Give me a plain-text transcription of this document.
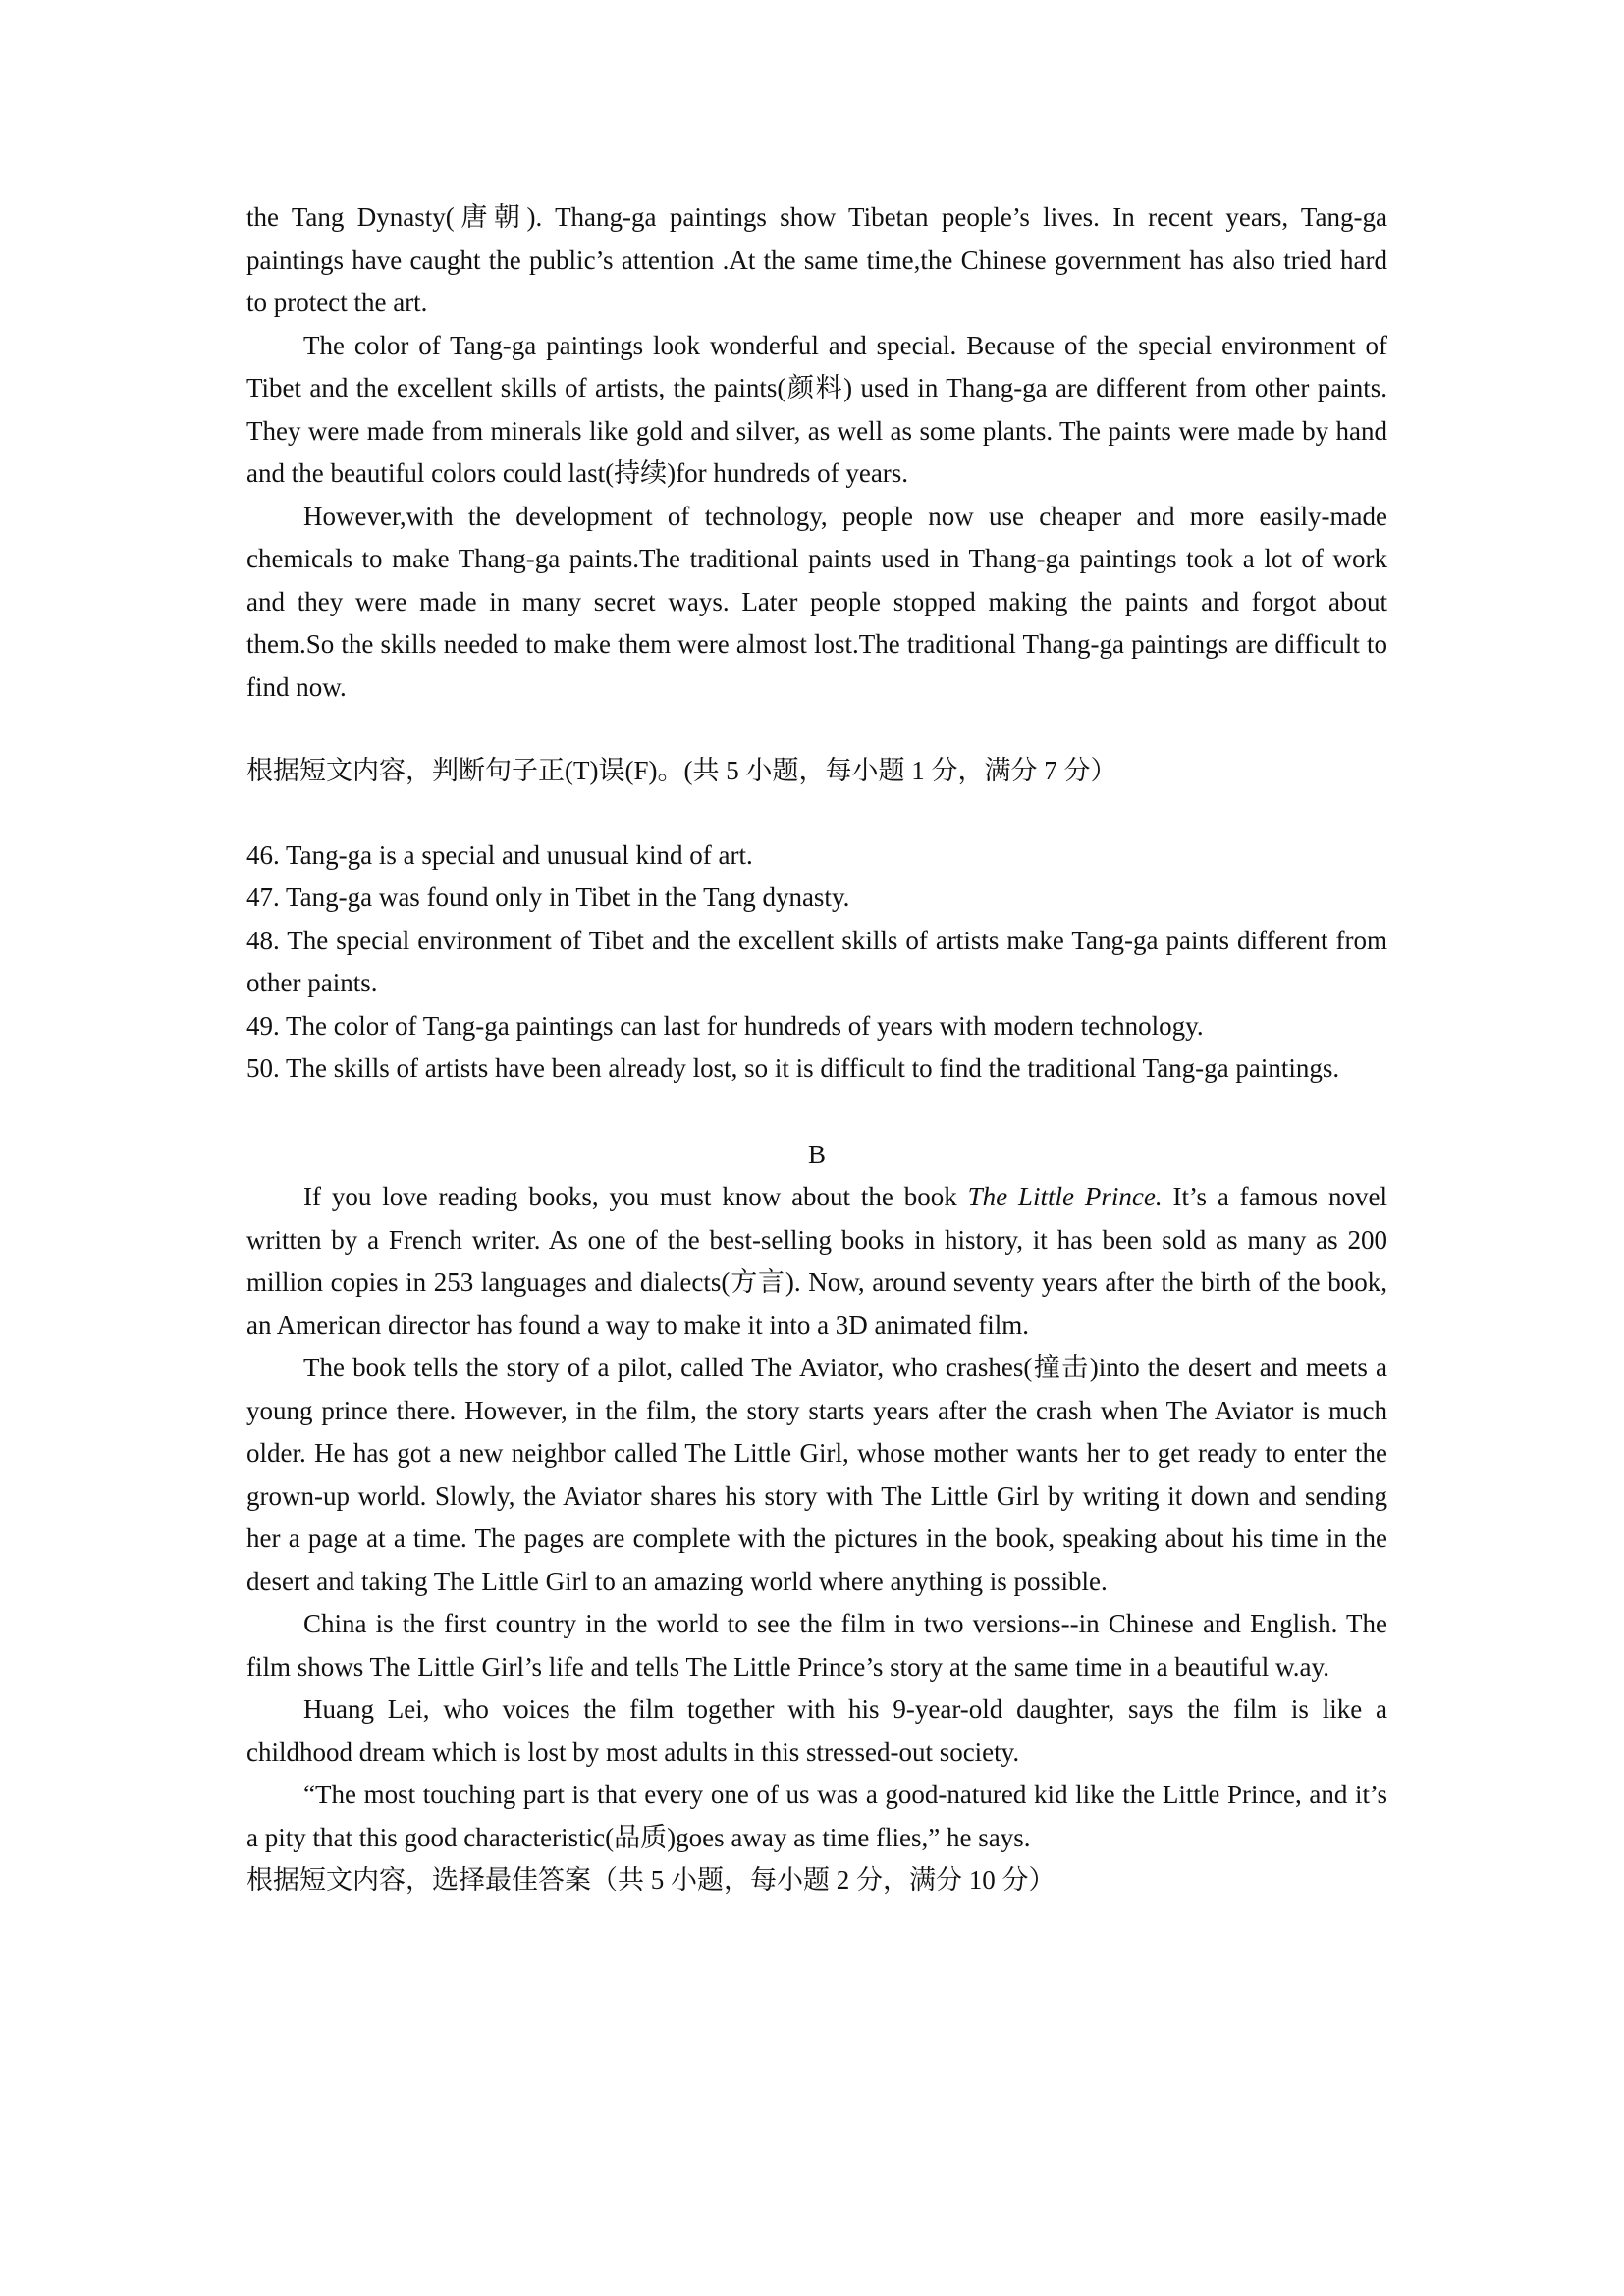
the Tang Dynasty(唐朝). Thang-ga paintings show Tibetan people’s lives. In recent years, Tang-ga paintings have caught the public’s attention .At the same time,the Chinese government has also tried hard to protect the art.

The color of Tang-ga paintings look wonderful and special. Because of the special environment of Tibet and the excellent skills of artists, the paints(颜料) used in Thang-ga are different from other paints. They were made from minerals like gold and silver, as well as some plants. The paints were made by hand and the beautiful colors could last(持续)for hundreds of years.

However,with the development of technology, people now use cheaper and more easily-made chemicals to make Thang-ga paints.The traditional paints used in Thang-ga paintings took a lot of work and they were made in many secret ways. Later people stopped making the paints and forgot about them.So the skills needed to make them were almost lost.The traditional Thang-ga paintings are difficult to find now.

根据短文内容，判断句子正(T)误(F)。(共 5 小题，每小题 1 分，满分 7 分）

46. Tang-ga is a special and unusual kind of art.

47. Tang-ga was found only in Tibet in the Tang dynasty.

48. The special environment of Tibet and the excellent skills of artists make Tang-ga paints different from other paints.

49. The color of Tang-ga paintings can last for hundreds of years with modern technology.

50. The skills of artists have been already lost, so it is difficult to find the traditional Tang-ga paintings.

B

If you love reading books, you must know about the book The Little Prince. It’s a famous novel written by a French writer. As one of the best-selling books in history, it has been sold as many as 200 million copies in 253 languages and dialects(方言). Now, around seventy years after the birth of the book, an American director has found a way to make it into a 3D animated film.

The book tells the story of a pilot, called The Aviator, who crashes(撞击)into the desert and meets a young prince there. However, in the film, the story starts years after the crash when The Aviator is much older. He has got a new neighbor called The Little Girl, whose mother wants her to get ready to enter the grown-up world. Slowly, the Aviator shares his story with The Little Girl by writing it down and sending her a page at a time. The pages are complete with the pictures in the book, speaking about his time in the desert and taking The Little Girl to an amazing world where anything is possible.

China is the first country in the world to see the film in two versions--in Chinese and English. The film shows The Little Girl’s life and tells The Little Prince’s story at the same time in a beautiful w.ay.

Huang Lei, who voices the film together with his 9-year-old daughter, says the film is like a childhood dream which is lost by most adults in this stressed-out society.

“The most touching part is that every one of us was a good-natured kid like the Little Prince, and it’s a pity that this good characteristic(品质)goes away as time flies,” he says.

根据短文内容，选择最佳答案（共 5 小题，每小题 2 分，满分 10 分）
